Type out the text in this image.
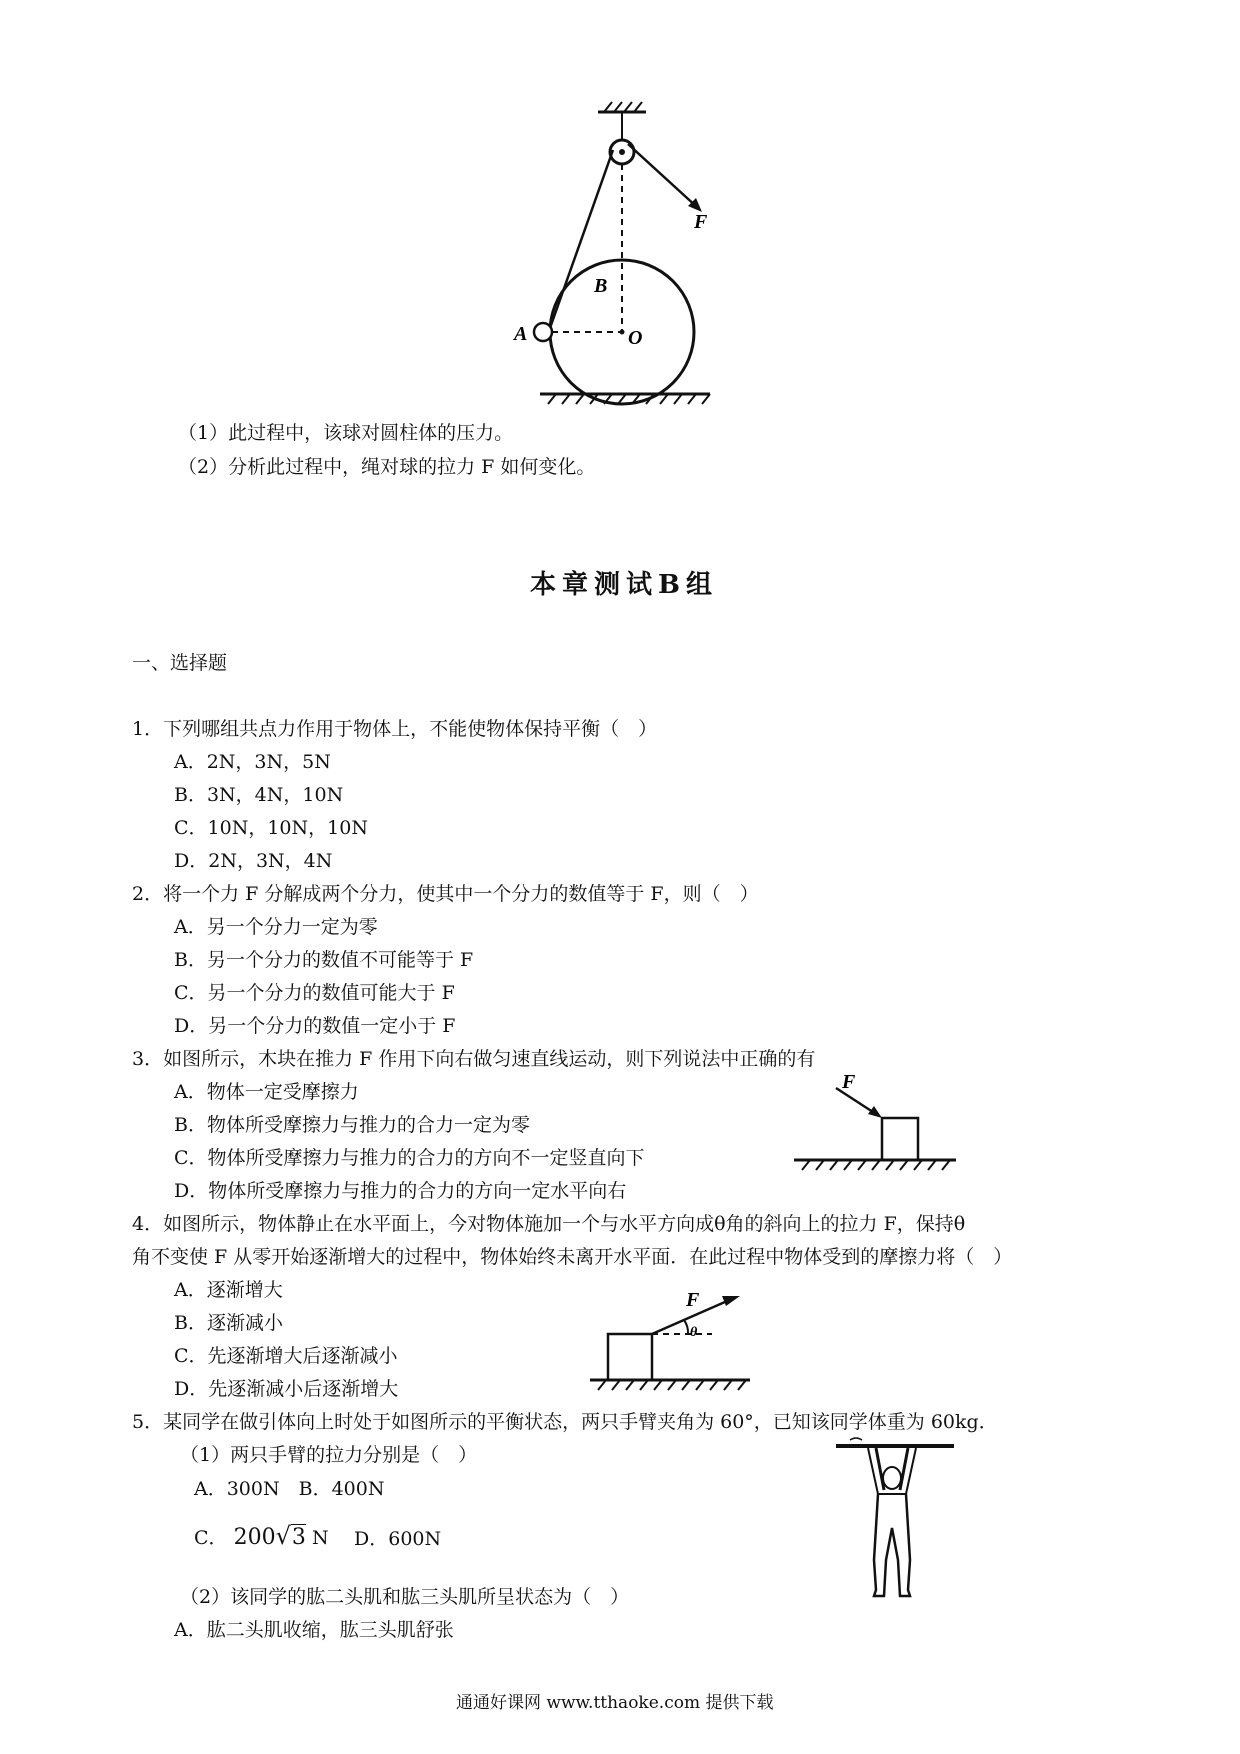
F
A
B
O
（1）此过程中，该球对圆柱体的压力。
（2）分析此过程中，绳对球的拉力 F 如何变化。
本章测试B组
一、选择题
1．下列哪组共点力作用于物体上，不能使物体保持平衡（　）
A．2N，3N，5N
B．3N，4N，10N
C．10N，10N，10N
D．2N，3N，4N
2．将一个力 F 分解成两个分力，使其中一个分力的数值等于 F，则（　）
A．另一个分力一定为零
B．另一个分力的数值不可能等于 F
C．另一个分力的数值可能大于 F
D．另一个分力的数值一定小于 F
3．如图所示，木块在推力 F 作用下向右做匀速直线运动，则下列说法中正确的有
A．物体一定受摩擦力
B．物体所受摩擦力与推力的合力一定为零
C．物体所受摩擦力与推力的合力的方向不一定竖直向下
D．物体所受摩擦力与推力的合力的方向一定水平向右
F
4．如图所示，物体静止在水平面上，今对物体施加一个与水平方向成θ角的斜向上的拉力 F，保持θ
角不变使 F 从零开始逐渐增大的过程中，物体始终未离开水平面．在此过程中物体受到的摩擦力将（　）
A．逐渐增大
B．逐渐减小
C．先逐渐增大后逐渐减小
D．先逐渐减小后逐渐增大
F
θ
5．某同学在做引体向上时处于如图所示的平衡状态，两只手臂夹角为 60°，已知该同学体重为 60kg．
（1）两只手臂的拉力分别是（　）
A．300N　B．400N
C． 200√3 N D．600N
（2）该同学的肱二头肌和肱三头肌所呈状态为（　）
A．肱二头肌收缩，肱三头肌舒张
通通好课网 www.tthaoke.com 提供下载
